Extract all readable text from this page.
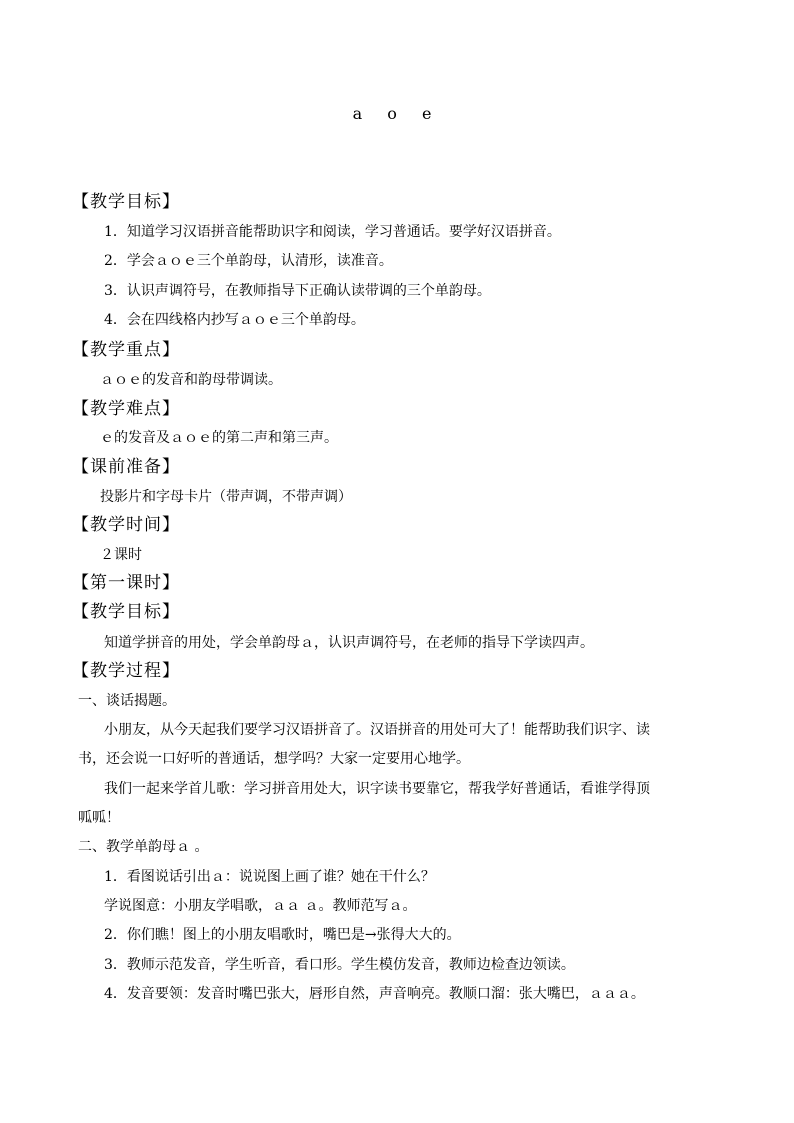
a o e
【教学目标】
1．知道学习汉语拼音能帮助识字和阅读，学习普通话。要学好汉语拼音。
2．学会ａｏｅ三个单韵母，认清形，读准音。
3．认识声调符号，在教师指导下正确认读带调的三个单韵母。
4．会在四线格内抄写ａｏｅ三个单韵母。
【教学重点】
ａｏｅ的发音和韵母带调读。
【教学难点】
ｅ的发音及ａｏｅ的第二声和第三声。
【课前准备】
投影片和字母卡片（带声调，不带声调）
【教学时间】
２课时
【第一课时】
【教学目标】
知道学拼音的用处，学会单韵母ａ，认识声调符号，在老师的指导下学读四声。
【教学过程】
一、谈话揭题。
小朋友，从今天起我们要学习汉语拼音了。汉语拼音的用处可大了！能帮助我们识字、读
书，还会说一口好听的普通话，想学吗？大家一定要用心地学。
我们一起来学首儿歌：学习拼音用处大，识字读书要靠它，帮我学好普通话，看谁学得顶
呱呱！
二、教学单韵母ａ 。
1．看图说话引出ａ：说说图上画了谁？她在干什么？
学说图意：小朋友学唱歌，ａａ ａ。教师范写ａ。
2．你们瞧！图上的小朋友唱歌时，嘴巴是→张得大大的。
3．教师示范发音，学生听音，看口形。学生模仿发音，教师边检查边领读。
4．发音要领：发音时嘴巴张大，唇形自然，声音响亮。教顺口溜：张大嘴巴，ａａａ。
